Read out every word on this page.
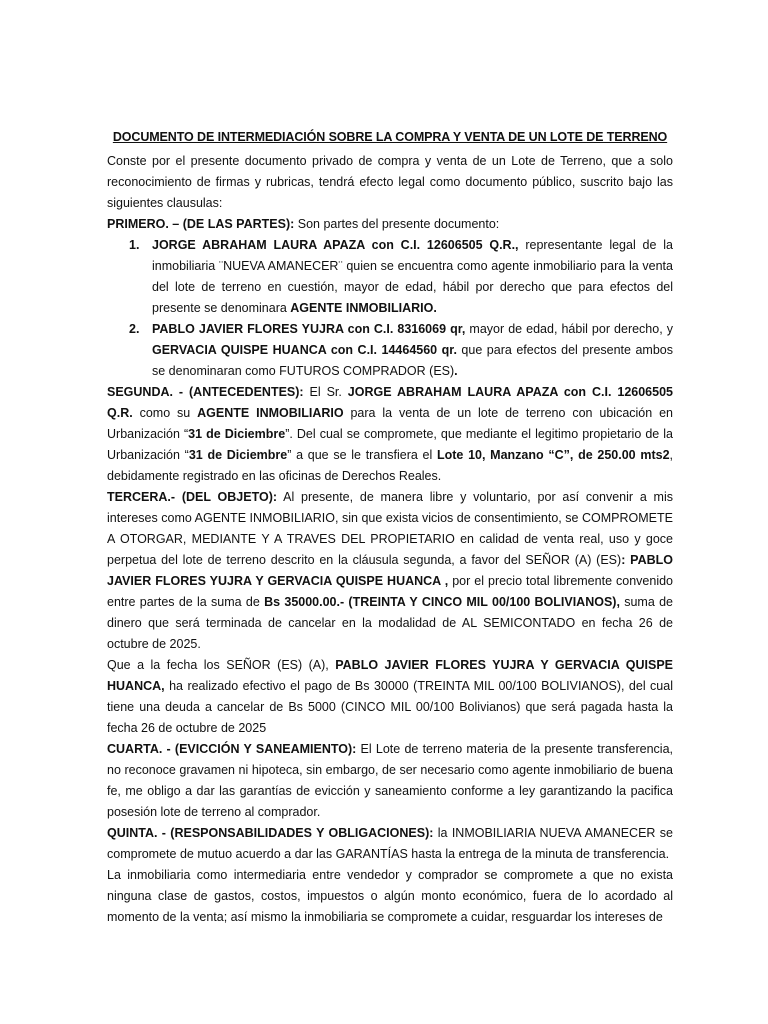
DOCUMENTO DE INTERMEDIACIÓN SOBRE LA COMPRA Y VENTA DE UN LOTE DE TERRENO

Conste por el presente documento privado de compra y venta de un Lote de Terreno, que a solo reconocimiento de firmas y rubricas, tendrá efecto legal como documento público, suscrito bajo las siguientes clausulas:

PRIMERO. – (DE LAS PARTES): Son partes del presente documento:

1. JORGE ABRAHAM LAURA APAZA con C.I. 12606505 Q.R., representante legal de la inmobiliaria ¨NUEVA AMANECER¨ quien se encuentra como agente inmobiliario para la venta del lote de terreno en cuestión, mayor de edad, hábil por derecho que para efectos del presente se denominara AGENTE INMOBILIARIO.
2. PABLO JAVIER FLORES YUJRA con C.I. 8316069 qr, mayor de edad, hábil por derecho, y GERVACIA QUISPE HUANCA con C.I. 14464560 qr. que para efectos del presente ambos se denominaran como FUTUROS COMPRADOR (ES).

SEGUNDA. - (ANTECEDENTES): El Sr. JORGE ABRAHAM LAURA APAZA con C.I. 12606505 Q.R. como su AGENTE INMOBILIARIO para la venta de un lote de terreno con ubicación en Urbanización “31 de Diciembre”. Del cual se compromete, que mediante el legitimo propietario de la Urbanización “31 de Diciembre” a que se le transfiera el Lote 10, Manzano “C”, de 250.00 mts2, debidamente registrado en las oficinas de Derechos Reales.

TERCERA.- (DEL OBJETO): Al presente, de manera libre y voluntario, por así convenir a mis intereses como AGENTE INMOBILIARIO, sin que exista vicios de consentimiento, se COMPROMETE A OTORGAR, MEDIANTE Y A TRAVES DEL PROPIETARIO en calidad de venta real, uso y goce perpetua del lote de terreno descrito en la cláusula segunda, a favor del SEÑOR (A) (ES): PABLO JAVIER FLORES YUJRA Y GERVACIA QUISPE HUANCA , por el precio total libremente convenido entre partes de la suma de Bs 35000.00.- (TREINTA Y CINCO MIL 00/100 BOLIVIANOS), suma de dinero que será terminada de cancelar en la modalidad de AL SEMICONTADO en fecha 26 de octubre de 2025.

Que a la fecha los SEÑOR (ES) (A), PABLO JAVIER FLORES YUJRA Y GERVACIA QUISPE HUANCA, ha realizado efectivo el pago de Bs 30000 (TREINTA MIL 00/100 BOLIVIANOS), del cual tiene una deuda a cancelar de Bs 5000 (CINCO MIL 00/100 Bolivianos) que será pagada hasta la fecha 26 de octubre de 2025

CUARTA. - (EVICCIÓN Y SANEAMIENTO): El Lote de terreno materia de la presente transferencia, no reconoce gravamen ni hipoteca, sin embargo, de ser necesario como agente inmobiliario de buena fe, me obligo a dar las garantías de evicción y saneamiento conforme a ley garantizando la pacifica posesión lote de terreno al comprador.

QUINTA. - (RESPONSABILIDADES Y OBLIGACIONES): la INMOBILIARIA NUEVA AMANECER se compromete de mutuo acuerdo a dar las GARANTÍAS hasta la entrega de la minuta de transferencia.

La inmobiliaria como intermediaria entre vendedor y comprador se compromete a que no exista ninguna clase de gastos, costos, impuestos o algún monto económico, fuera de lo acordado al momento de la venta; así mismo la inmobiliaria se compromete a cuidar, resguardar los intereses de
